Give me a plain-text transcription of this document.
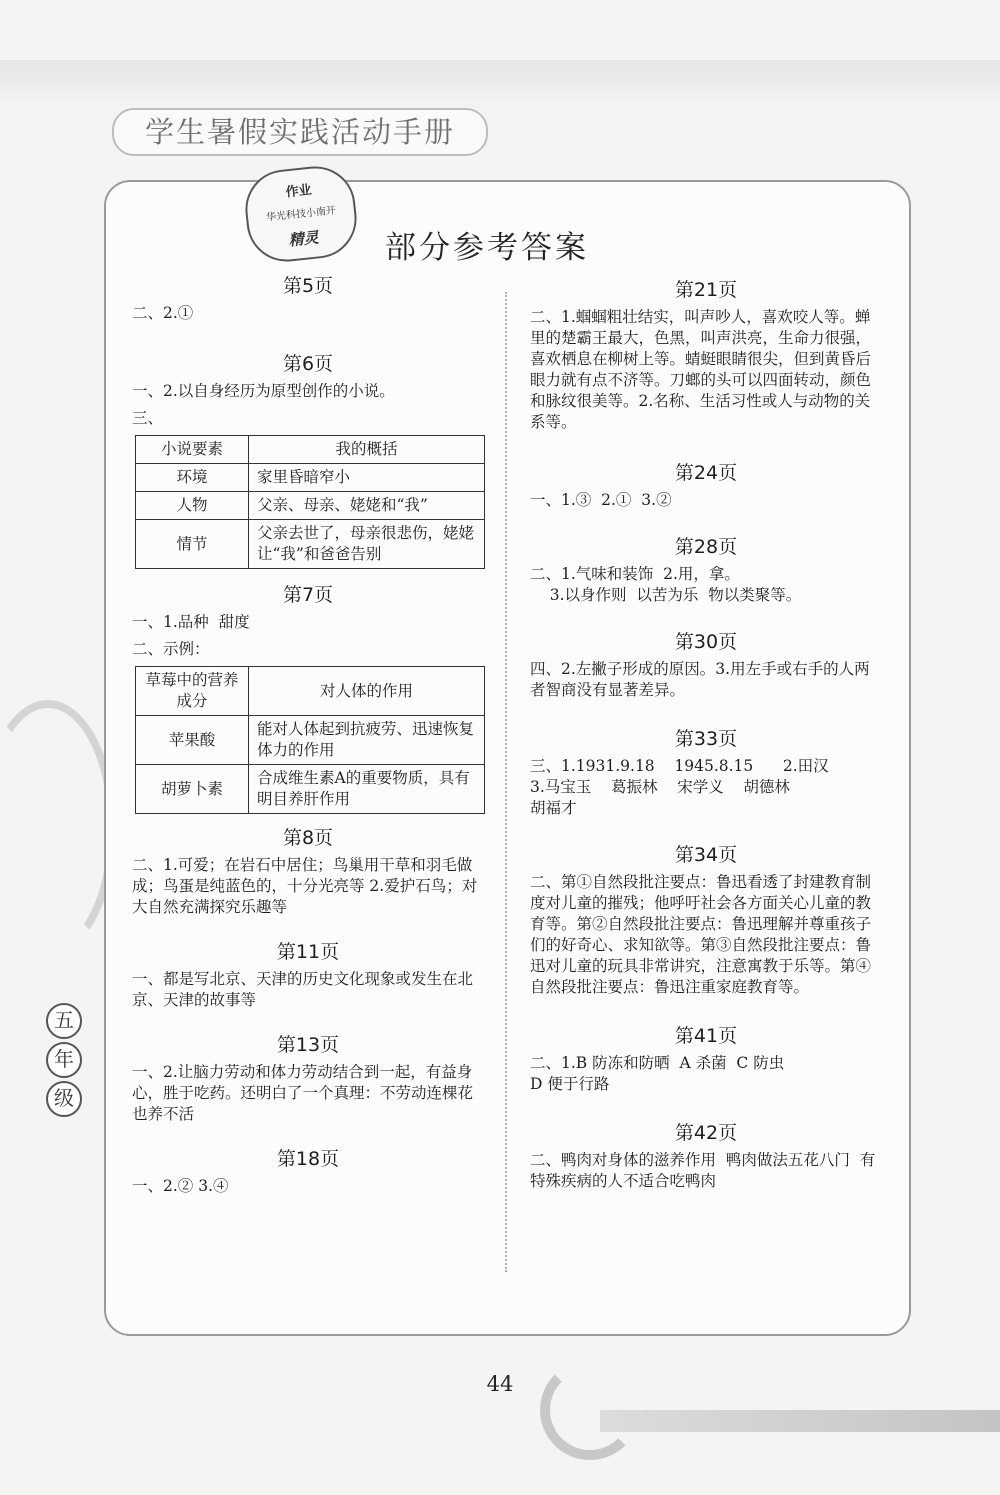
学生暑假实践活动手册
作业
华光科技小南开
精灵	部分参考答案
第5页

二、2.①

第6页

一、2.以自身经历为原型创作的小说。

三、

小说要素	我的概括
环境	家里昏暗窄小
人物	父亲、母亲、姥姥和“我”
情节	父亲去世了，母亲很悲伤，姥姥让“我”和爸爸告别
第7页

一、1.品种  甜度

二、示例：

草莓中的营养成分	对人体的作用
苹果酸	能对人体起到抗疲劳、迅速恢复体力的作用
胡萝卜素	合成维生素A的重要物质，具有明目养肝作用
第8页

二、1.可爱；在岩石中居住；鸟巢用干草和羽毛做成；鸟蛋是纯蓝色的，十分光亮等 2.爱护石鸟；对大自然充满探究乐趣等

第11页

一、都是写北京、天津的历史文化现象或发生在北京、天津的故事等

第13页

一、2.让脑力劳动和体力劳动结合到一起，有益身心，胜于吃药。还明白了一个真理：不劳动连棵花也养不活

第18页

一、2.② 3.④

第21页

二、1.蝈蝈粗壮结实，叫声吵人，喜欢咬人等。蝉里的楚霸王最大，色黑，叫声洪亮，生命力很强，喜欢栖息在柳树上等。蜻蜓眼睛很尖，但到黄昏后眼力就有点不济等。刀螂的头可以四面转动，颜色和脉纹很美等。2.名称、生活习性或人与动物的关系等。

第24页

一、1.③  2.①  3.②

第28页

二、1.气味和装饰  2.用，拿。

3.以身作则  以苦为乐  物以类聚等。

第30页

四、2.左撇子形成的原因。3.用左手或右手的人两者智商没有显著差异。

第33页

三、1.1931.9.18    1945.8.15      2.田汉

3.马宝玉    葛振林    宋学义    胡德林

胡福才

第34页

二、第①自然段批注要点：鲁迅看透了封建教育制度对儿童的摧残；他呼吁社会各方面关心儿童的教育等。第②自然段批注要点：鲁迅理解并尊重孩子们的好奇心、求知欲等。第③自然段批注要点：鲁迅对儿童的玩具非常讲究，注意寓教于乐等。第④自然段批注要点：鲁迅注重家庭教育等。

第41页

二、1.B 防冻和防晒  A 杀菌  C 防虫

D 便于行路

第42页

二、鸭肉对身体的滋养作用  鸭肉做法五花八门  有特殊疾病的人不适合吃鸭肉

五
年
级
44
